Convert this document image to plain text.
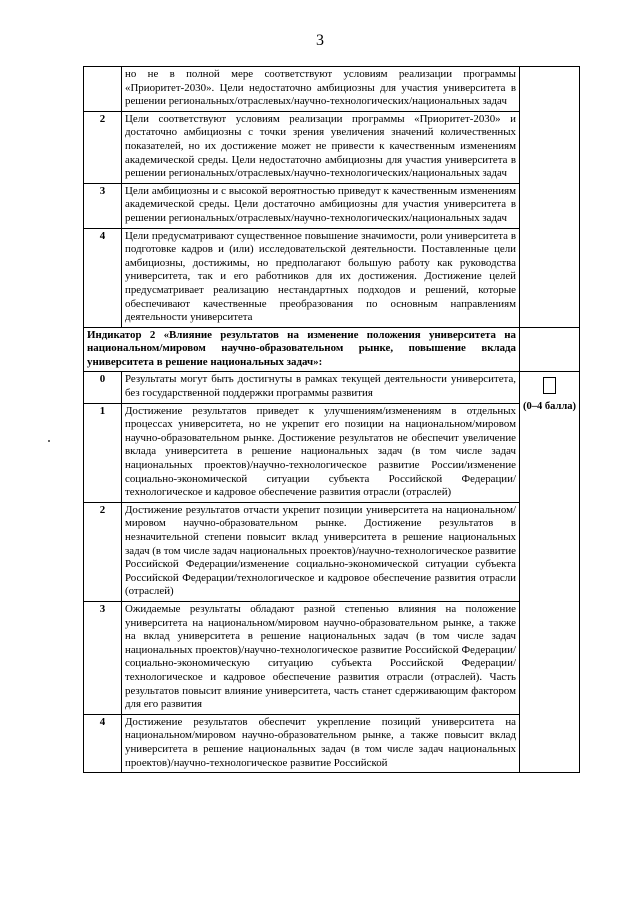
3
	но не в полной мере соответствуют условиям реализации программы «Приоритет-2030». Цели недостаточно амбициозны для участия университета в решении региональных/отраслевых/научно-технологических/национальных задач	
2	Цели соответствуют условиям реализации программы «Приоритет-2030» и достаточно амбициозны с точки зрения увеличения значений количественных показателей, но их достижение может не привести к качественным изменениям академической среды. Цели недостаточно амбициозны для участия университета в решении региональных/отраслевых/научно-технологических/национальных задач	
3	Цели амбициозны и с высокой вероятностью приведут к качественным изменениям академической среды. Цели достаточно амбициозны для участия университета в решении региональных/отраслевых/научно-технологических/национальных задач	
4	Цели предусматривают существенное повышение значимости, роли университета в подготовке кадров и (или) исследовательской деятельности. Поставленные цели амбициозны, достижимы, но предполагают большую работу как руководства университета, так и его работников для их достижения. Достижение целей предусматривает реализацию нестандартных подходов и решений, которые обеспечивают качественные преобразования по основным направлениям деятельности университета	
Индикатор 2 «Влияние результатов на изменение положения университета на национальном/мировом научно-образовательном рынке, повышение вклада университета в решение национальных задач»:		
0	Результаты могут быть достигнуты в рамках текущей деятельности университета, без государственной поддержки программы развития	(0–4 балла)

1	Достижение результатов приведет к улучшениям/изменениям в отдельных процессах университета, но не укрепит его позиции на национальном/мировом научно-образовательном рынке. Достижение результатов не обеспечит увеличение вклада университета в решение национальных задач (в том числе задач национальных проектов)/научно-технологическое развитие России/изменение социально-экономической ситуации субъекта Российской Федерации/технологическое и кадровое обеспечение развития отрасли (отраслей)	
2	Достижение результатов отчасти укрепит позиции университета на национальном/мировом научно-образовательном рынке. Достижение результатов в незначительной степени повысит вклад университета в решение национальных задач (в том числе задач национальных проектов)/научно-технологическое развитие Российской Федерации/изменение социально-экономической ситуации субъекта Российской Федерации/технологическое и кадровое обеспечение развития отрасли (отраслей)	
3	Ожидаемые результаты обладают разной степенью влияния на положение университета на национальном/мировом научно-образовательном рынке, а также на вклад университета в решение национальных задач (в том числе задач национальных проектов)/научно-технологическое развитие Российской Федерации/социально-экономическую ситуацию субъекта Российской Федерации/технологическое и кадровое обеспечение развития отрасли (отраслей). Часть результатов повысит влияние университета, часть станет сдерживающим фактором для его развития	
4	Достижение результатов обеспечит укрепление позиций университета на национальном/мировом научно-образовательном рынке, а также повысит вклад университета в решение национальных задач (в том числе задач национальных проектов)/научно-технологическое развитие Российской	
